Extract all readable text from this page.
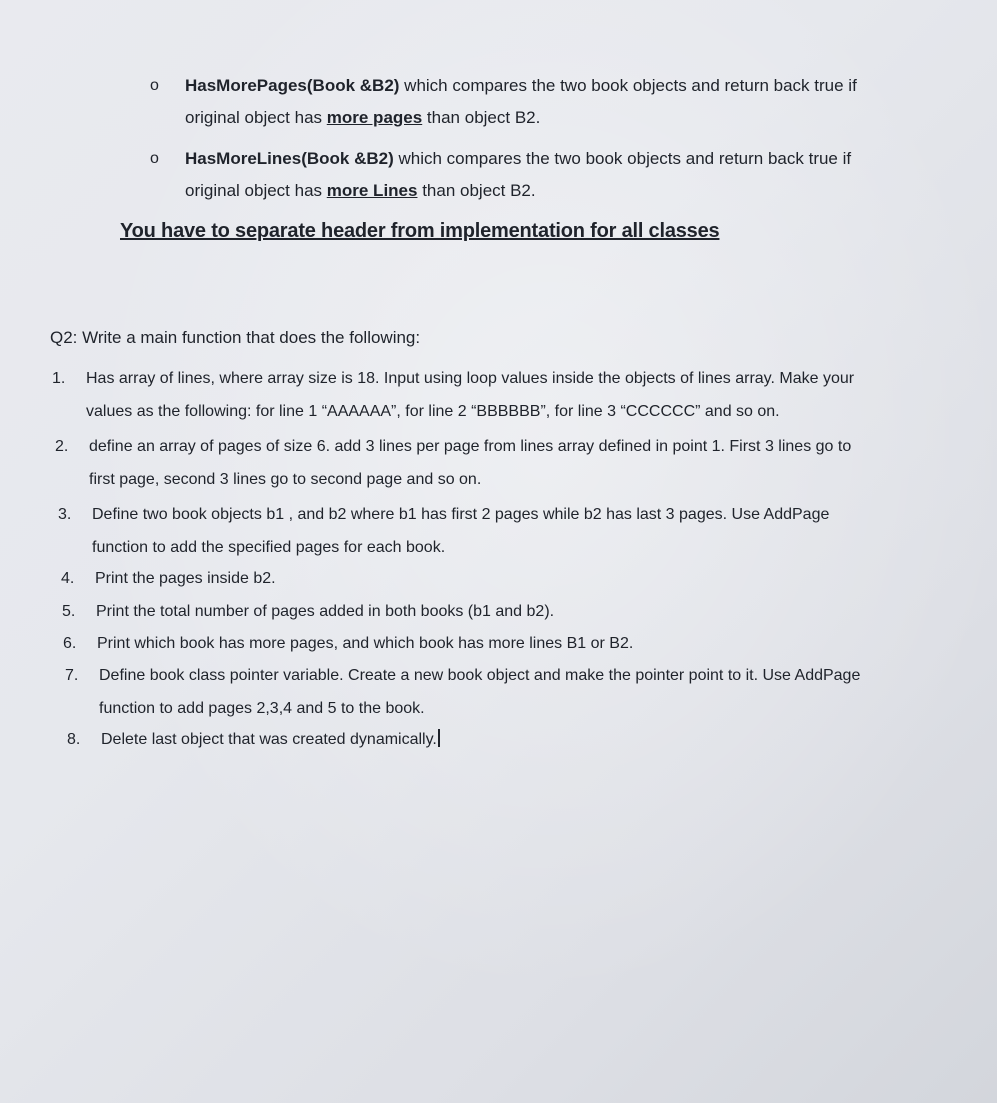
o HasMorePages(Book &B2) which compares the two book objects and return back true if
original object has more pages than object B2.
o HasMoreLines(Book &B2) which compares the two book objects and return back true if
original object has more Lines than object B2.
You have to separate header from implementation for all classes
Q2: Write a main function that does the following:
1. Has array of lines, where array size is 18. Input using loop values inside the objects of lines array. Make your
values as the following: for line 1 “AAAAAA”, for line 2 “BBBBBB”, for line 3 “CCCCCC” and so on.
2. define an array of pages of size 6. add 3 lines per page from lines array defined in point 1. First 3 lines go to
first page, second 3 lines go to second page and so on.
3. Define two book objects b1 , and b2 where b1 has first 2 pages while b2 has last 3 pages. Use AddPage
function to add the specified pages for each book.
4. Print the pages inside b2.
5. Print the total number of pages added in both books (b1 and b2).
6. Print which book has more pages, and which book has more lines B1 or B2.
7. Define book class pointer variable. Create a new book object and make the pointer point to it. Use AddPage
function to add pages 2,3,4 and 5 to the book.
8. Delete last object that was created dynamically.
